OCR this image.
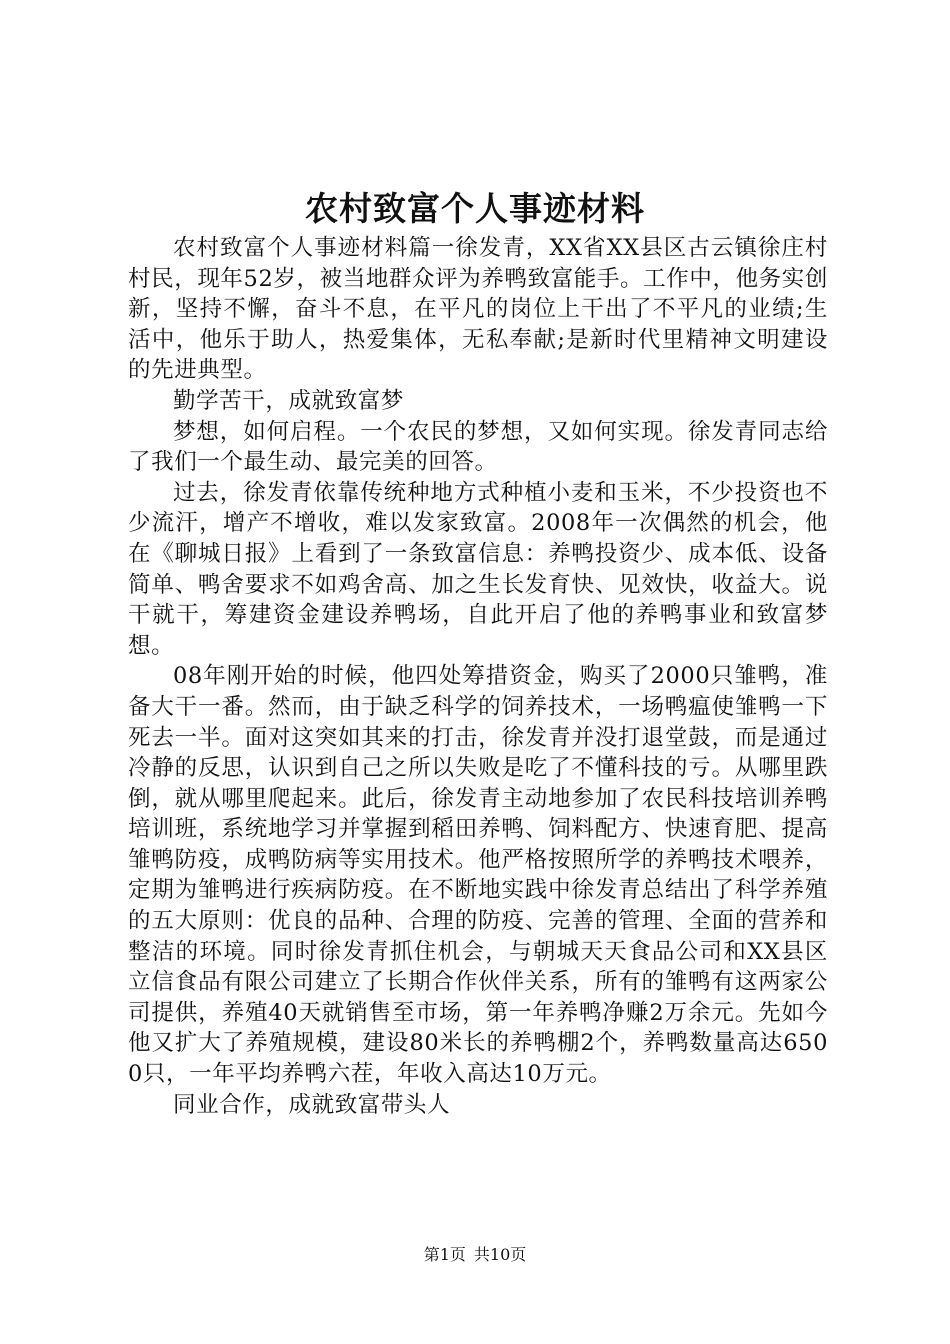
农村致富个人事迹材料

农村致富个人事迹材料篇一徐发青，XX省XX县区古云镇徐庄村村民，现年52岁，被当地群众评为养鸭致富能手。工作中，他务实创新，坚持不懈，奋斗不息，在平凡的岗位上干出了不平凡的业绩;生活中，他乐于助人，热爱集体，无私奉献;是新时代里精神文明建设的先进典型。

勤学苦干，成就致富梦

梦想，如何启程。一个农民的梦想，又如何实现。徐发青同志给了我们一个最生动、最完美的回答。

过去，徐发青依靠传统种地方式种植小麦和玉米，不少投资也不少流汗，增产不增收，难以发家致富。2008年一次偶然的机会，他在《聊城日报》上看到了一条致富信息：养鸭投资少、成本低、设备简单、鸭舍要求不如鸡舍高、加之生长发育快、见效快，收益大。说干就干，筹建资金建设养鸭场，自此开启了他的养鸭事业和致富梦想。

08年刚开始的时候，他四处筹措资金，购买了2000只雏鸭，准备大干一番。然而，由于缺乏科学的饲养技术，一场鸭瘟使雏鸭一下死去一半。面对这突如其来的打击，徐发青并没打退堂鼓，而是通过冷静的反思，认识到自己之所以失败是吃了不懂科技的亏。从哪里跌倒，就从哪里爬起来。此后，徐发青主动地参加了农民科技培训养鸭培训班，系统地学习并掌握到稻田养鸭、饲料配方、快速育肥、提高雏鸭防疫，成鸭防病等实用技术。他严格按照所学的养鸭技术喂养，定期为雏鸭进行疾病防疫。在不断地实践中徐发青总结出了科学养殖的五大原则：优良的品种、合理的防疫、完善的管理、全面的营养和整洁的环境。同时徐发青抓住机会，与朝城天天食品公司和XX县区立信食品有限公司建立了长期合作伙伴关系，所有的雏鸭有这两家公司提供，养殖40天就销售至市场，第一年养鸭净赚2万余元。先如今他又扩大了养殖规模，建设80米长的养鸭棚2个，养鸭数量高达6500只，一年平均养鸭六茬，年收入高达10万元。

同业合作，成就致富带头人

第1页 共10页
